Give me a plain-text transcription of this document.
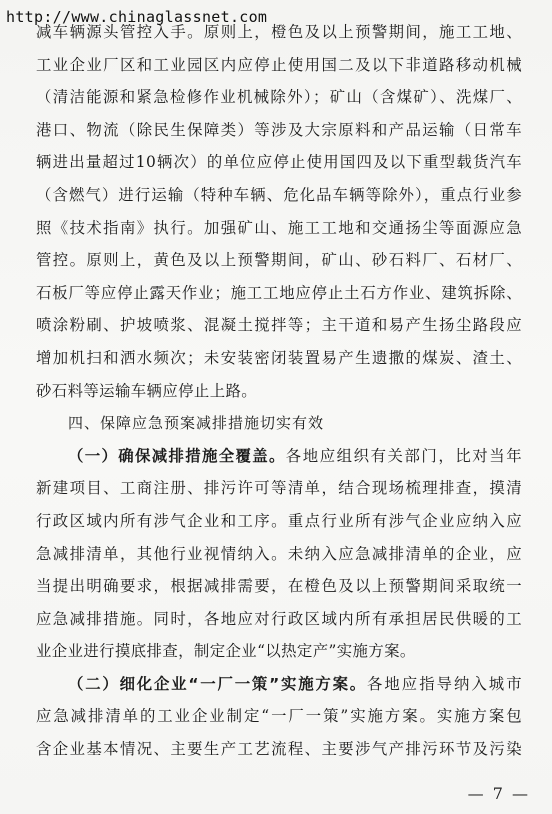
http://www.chinaglassnet.com
减车辆源头管控入手。原则上，橙色及以上预警期间，施工工地、
工业企业厂区和工业园区内应停止使用国二及以下非道路移动机械
（清洁能源和紧急检修作业机械除外）；矿山（含煤矿）、洗煤厂、
港口、物流（除民生保障类）等涉及大宗原料和产品运输（日常车
辆进出量超过10辆次）的单位应停止使用国四及以下重型载货汽车
（含燃气）进行运输（特种车辆、危化品车辆等除外），重点行业参
照《技术指南》执行。加强矿山、施工工地和交通扬尘等面源应急
管控。原则上，黄色及以上预警期间，矿山、砂石料厂、石材厂、
石板厂等应停止露天作业；施工工地应停止土石方作业、建筑拆除、
喷涂粉刷、护坡喷浆、混凝土搅拌等；主干道和易产生扬尘路段应
增加机扫和洒水频次；未安装密闭装置易产生遗撒的煤炭、渣土、
砂石料等运输车辆应停止上路。
四、保障应急预案减排措施切实有效
（一）确保减排措施全覆盖。各地应组织有关部门，比对当年
新建项目、工商注册、排污许可等清单，结合现场梳理排查，摸清
行政区域内所有涉气企业和工序。重点行业所有涉气企业应纳入应
急减排清单，其他行业视情纳入。未纳入应急减排清单的企业，应
当提出明确要求，根据减排需要，在橙色及以上预警期间采取统一
应急减排措施。同时，各地应对行政区域内所有承担居民供暖的工
业企业进行摸底排查，制定企业“以热定产”实施方案。
（二）细化企业“一厂一策”实施方案。各地应指导纳入城市
应急减排清单的工业企业制定“一厂一策”实施方案。实施方案包
含企业基本情况、主要生产工艺流程、主要涉气产排污环节及污染
— 7 —
